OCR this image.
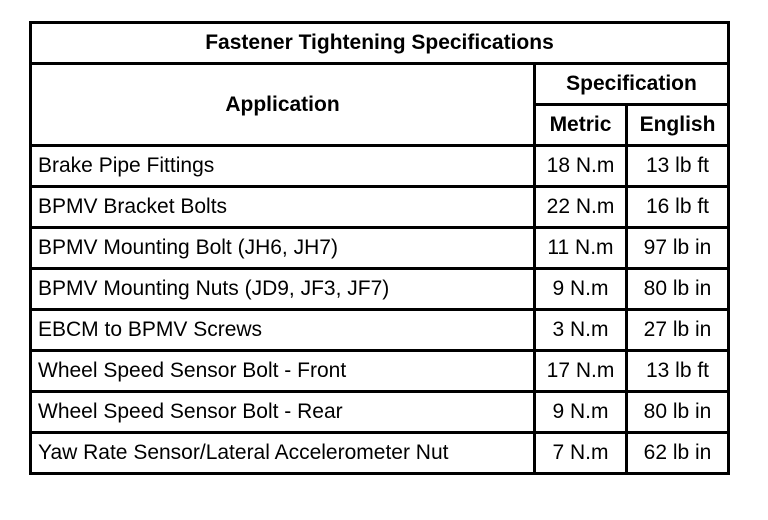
Fastener Tightening Specifications		
Application	Specification	
	Metric	English
Brake Pipe Fittings	18 N.m	13 lb ft
BPMV Bracket Bolts	22 N.m	16 lb ft
BPMV Mounting Bolt (JH6, JH7)	11 N.m	97 lb in
BPMV Mounting Nuts (JD9, JF3, JF7)	9 N.m	80 lb in
EBCM to BPMV Screws	3 N.m	27 lb in
Wheel Speed Sensor Bolt - Front	17 N.m	13 lb ft
Wheel Speed Sensor Bolt - Rear	9 N.m	80 lb in
Yaw Rate Sensor/Lateral Accelerometer Nut	7 N.m	62 lb in
